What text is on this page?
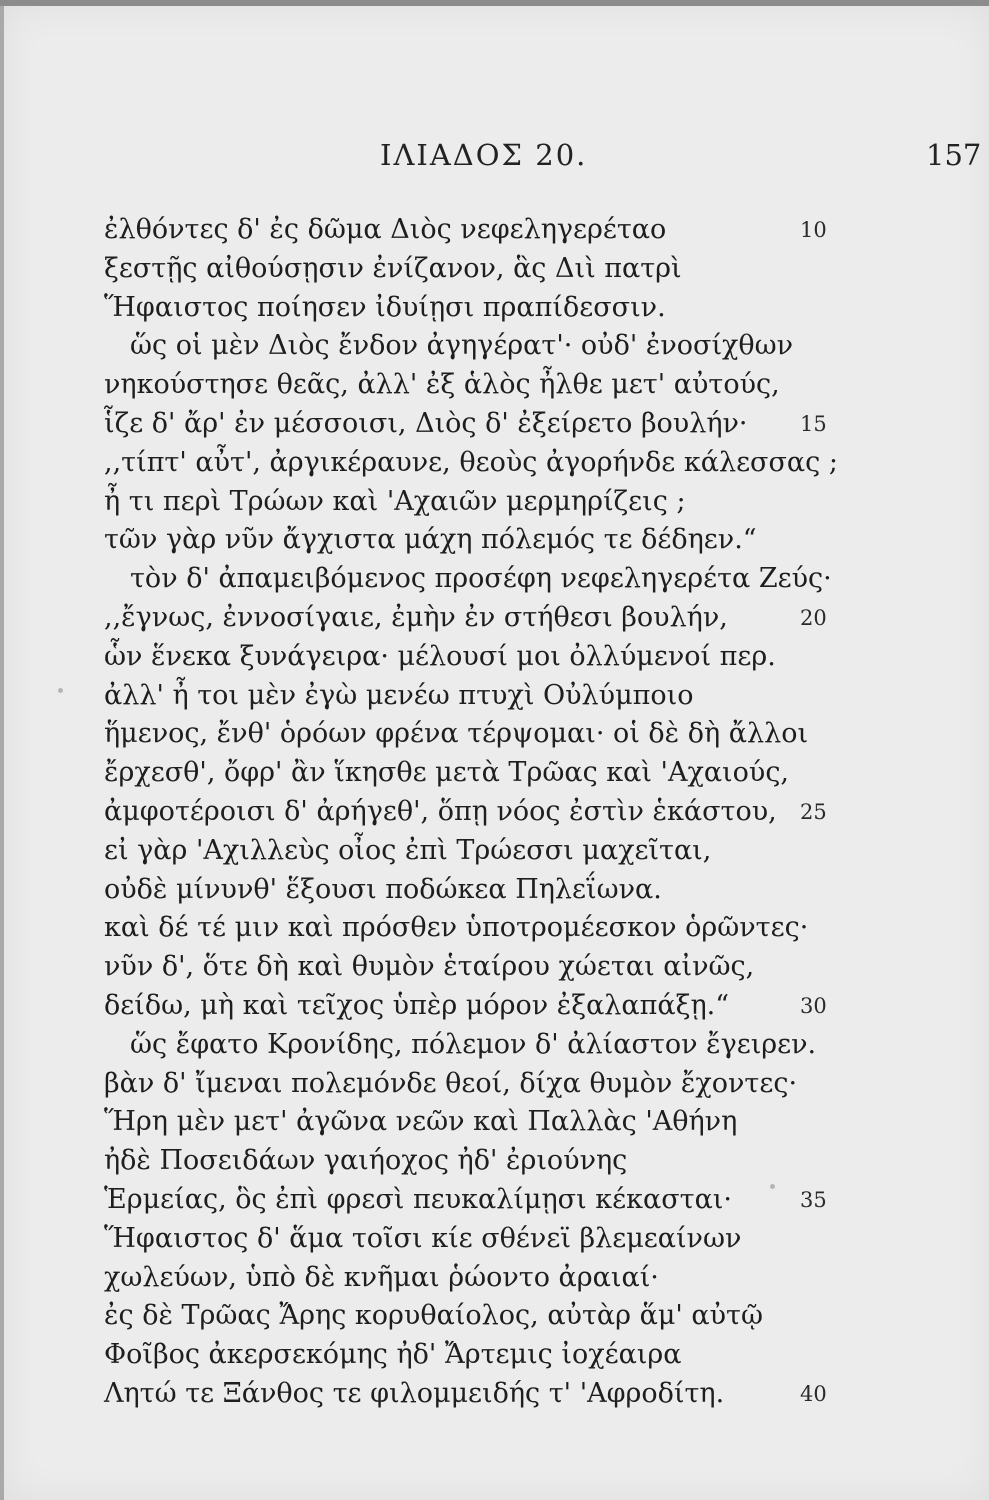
ΙΛΙΑΔΟΣ 20.	157
ἐλθόντες δ' ἐς δῶμα Διὸς νεφεληγερέταο	10
ξεστῇς αἰθούσῃσιν ἐνίζανον, ἃς Διὶ πατρὶ
Ἥφαιστος ποίησεν ἰδυίῃσι πραπίδεσσιν.
ὥς οἱ μὲν Διὸς ἔνδον ἀγηγέρατ'· οὐδ' ἐνοσίχθων
νηκούστησε θεᾶς, ἀλλ' ἐξ ἁλὸς ἦλθε μετ' αὐτούς,
ἷζε δ' ἄρ' ἐν μέσσοισι, Διὸς δ' ἐξείρετο βουλήν· 15
,,τίπτ' αὖτ', ἀργικέραυνε, θεοὺς ἀγορήνδε κάλεσσας ;
ἦ τι περὶ Τρώων καὶ 'Αχαιῶν μερμηρίζεις ;
τῶν γὰρ νῦν ἄγχιστα μάχη πόλεμός τε δέδηεν.“
τὸν δ' ἀπαμειβόμενος προσέφη νεφεληγερέτα Ζεύς·
,,ἔγνως, ἐννοσίγαιε, ἐμὴν ἐν στήθεσι βουλήν,	20
ὧν ἕνεκα ξυνάγειρα· μέλουσί μοι ὀλλύμενοί περ.
ἀλλ' ἦ τοι μὲν ἐγὼ μενέω πτυχὶ Οὐλύμποιο
ἥμενος, ἔνθ' ὁρόων φρένα τέρψομαι· οἱ δὲ δὴ ἄλλοι
ἔρχεσθ', ὄφρ' ἂν ἵκησθε μετὰ Τρῶας καὶ 'Αχαιούς,
ἀμφοτέροισι δ' ἀρήγεθ', ὅπῃ νόος ἐστὶν ἑκάστου, 25
εἰ γὰρ 'Αχιλλεὺς οἶος ἐπὶ Τρώεσσι μαχεῖται,
οὐδὲ μίνυνθ' ἕξουσι ποδώκεα Πηλεΐωνα.
καὶ δέ τέ μιν καὶ πρόσθεν ὑποτρομέεσκον ὁρῶντες·
νῦν δ', ὅτε δὴ καὶ θυμὸν ἑταίρου χώεται αἰνῶς,
δείδω, μὴ καὶ τεῖχος ὑπὲρ μόρον ἐξαλαπάξῃ.“	30
ὥς ἔφατο Κρονίδης, πόλεμον δ' ἀλίαστον ἔγειρεν.
βὰν δ' ἴμεναι πολεμόνδε θεοί, δίχα θυμὸν ἔχοντες·
Ἥρη μὲν μετ' ἀγῶνα νεῶν καὶ Παλλὰς 'Αθήνη
ἠδὲ Ποσειδάων γαιήοχος ἠδ' ἐριούνης
Ἑρμείας, ὃς ἐπὶ φρεσὶ πευκαλίμῃσι κέκασται·	35
Ἥφαιστος δ' ἅμα τοῖσι κίε σθένεϊ βλεμεαίνων
χωλεύων, ὑπὸ δὲ κνῆμαι ῥώοντο ἀραιαί·
ἐς δὲ Τρῶας Ἄρης κορυθαίολος, αὐτὰρ ἅμ' αὐτῷ
Φοῖβος ἀκερσεκόμης ἠδ' Ἄρτεμις ἰοχέαιρα
Λητώ τε Ξάνθος τε φιλομμειδής τ' 'Αφροδίτη.	40
